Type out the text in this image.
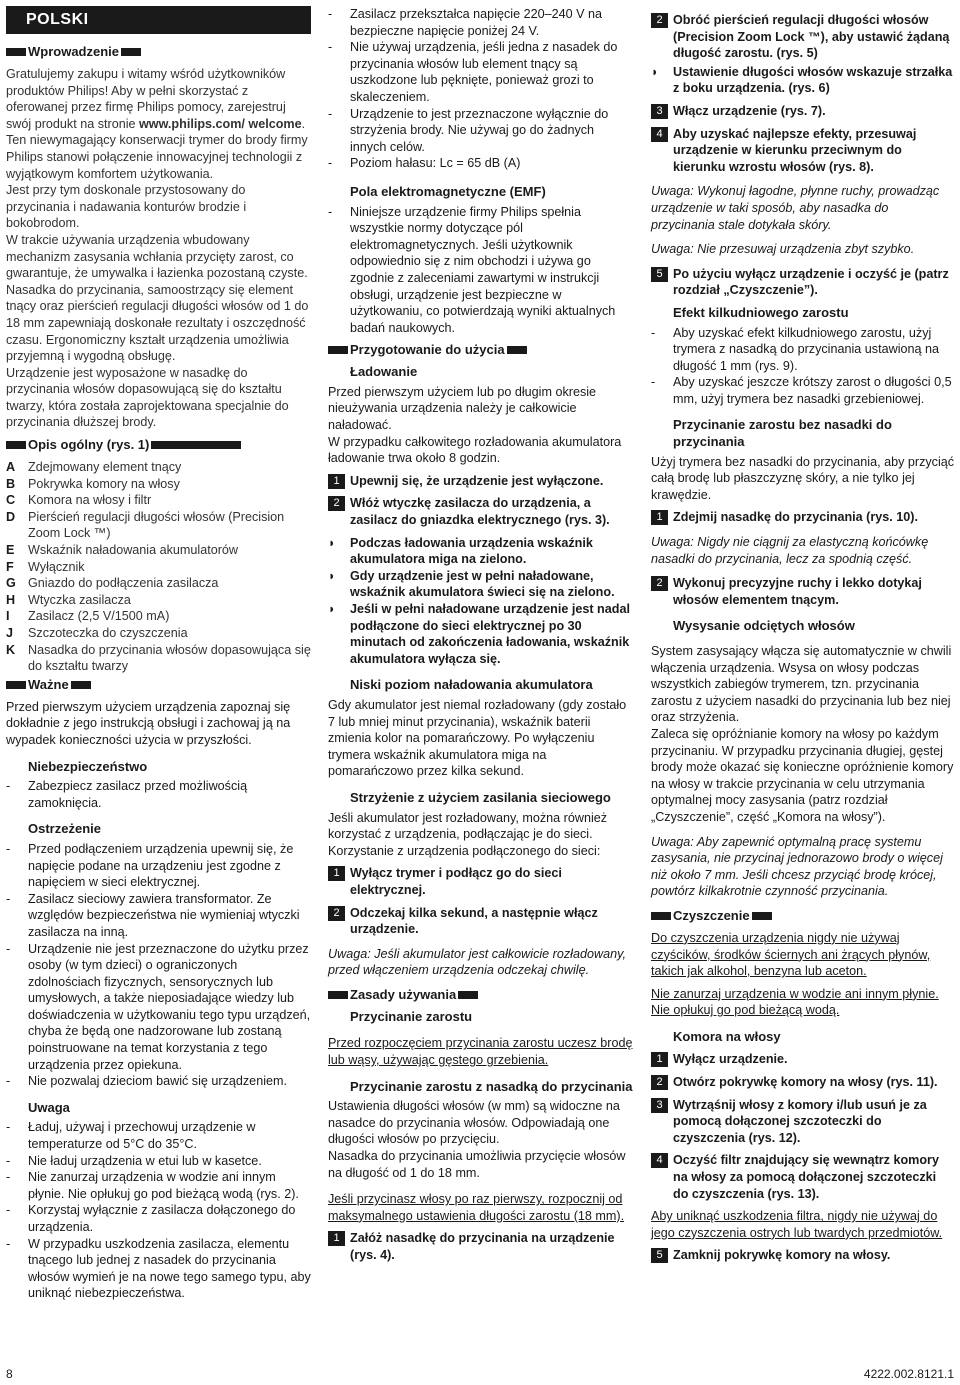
POLSKI
Wprowadzenie

Gratulujemy zakupu i witamy wśród użytkowników produktów Philips! Aby w pełni skorzystać z oferowanej przez firmę Philips pomocy, zarejestruj swój produkt na stronie www.philips.com/ welcome.

Ten niewymagający konserwacji trymer do brody firmy Philips stanowi połączenie innowacyjnej technologii z wyjątkowym komfortem użytkowania.

Jest przy tym doskonale przystosowany do przycinania i nadawania konturów brodzie i bokobrodom.

W trakcie używania urządzenia wbudowany mechanizm zasysania wchłania przycięty zarost, co gwarantuje, że umywalka i łazienka pozostaną czyste.

Nasadka do przycinania, samoostrzący się element tnący oraz pierścień regulacji długości włosów od 1 do 18 mm zapewniają doskonałe rezultaty i oszczędność czasu. Ergonomiczny kształt urządzenia umożliwia przyjemną i wygodną obsługę.

Urządzenie jest wyposażone w nasadkę do przycinania włosów dopasowującą się do kształtu twarzy, która została zaprojektowana specjalnie do przycinania dłuższej brody.

Opis ogólny (rys. 1)
A	Zdejmowany element tnący
B	Pokrywka komory na włosy
C	Komora na włosy i filtr
D	Pierścień regulacji długości włosów (Precision Zoom Lock ™)
E	Wskaźnik naładowania akumulatorów
F	Wyłącznik
G Gniazdo do podłączenia zasilacza
H	Wtyczka zasilacza
I	Zasilacz (2,5 V/1500 mA)
J	Szczoteczka do czyszczenia
K	Nasadka do przycinania włosów dopasowująca się do kształtu twarzy
Ważne

Przed pierwszym użyciem urządzenia zapoznaj się dokładnie z jego instrukcją obsługi i zachowaj ją na wypadek konieczności użycia w przyszłości.

Niebezpieczeństwo
-	Zabezpiecz zasilacz przed możliwością zamoknięcia.
Ostrzeżenie
-	Przed podłączeniem urządzenia upewnij się, że napięcie podane na urządzeniu jest zgodne z napięciem w sieci elektrycznej.
-	Zasilacz sieciowy zawiera transformator. Ze względów bezpieczeństwa nie wymieniaj wtyczki zasilacza na inną.
-	Urządzenie nie jest przeznaczone do użytku przez osoby (w tym dzieci) o ograniczonych zdolnościach fizycznych, sensorycznych lub umysłowych, a także nieposiadające wiedzy lub doświadczenia w użytkowaniu tego typu urządzeń, chyba że będą one nadzorowane lub zostaną poinstruowane na temat korzystania z tego urządzenia przez opiekuna.
-	Nie pozwalaj dzieciom bawić się urządzeniem.
Uwaga
-	Ładuj, używaj i przechowuj urządzenie w temperaturze od 5°C do 35°C.
-	Nie ładuj urządzenia w etui lub w kasetce.
-	Nie zanurzaj urządzenia w wodzie ani innym płynie. Nie opłukuj go pod bieżącą wodą (rys. 2).
-	Korzystaj wyłącznie z zasilacza dołączonego do urządzenia.
-	W przypadku uszkodzenia zasilacza, elementu tnącego lub jednej z nasadek do przycinania włosów wymień je na nowe tego samego typu, aby uniknąć niebezpieczeństwa.
-	Zasilacz przekształca napięcie 220–240 V na bezpieczne napięcie poniżej 24 V.
-	Nie używaj urządzenia, jeśli jedna z nasadek do przycinania włosów lub element tnący są uszkodzone lub pęknięte, ponieważ grozi to skaleczeniem.
-	Urządzenie to jest przeznaczone wyłącznie do strzyżenia brody. Nie używaj go do żadnych innych celów.
-	Poziom hałasu: Lc = 65 dB (A)
Pola elektromagnetyczne (EMF)
-	Niniejsze urządzenie firmy Philips spełnia wszystkie normy dotyczące pól elektromagnetycznych. Jeśli użytkownik odpowiednio się z nim obchodzi i używa go zgodnie z zaleceniami zawartymi w instrukcji obsługi, urządzenie jest bezpieczne w użytkowaniu, co potwierdzają wyniki aktualnych badań naukowych.
Przygotowanie do użycia
Ładowanie

Przed pierwszym użyciem lub po długim okresie nieużywania urządzenia należy je całkowicie naładować.

W przypadku całkowitego rozładowania akumulatora ładowanie trwa około 8 godzin.

1 Upewnij się, że urządzenie jest wyłączone.
2 Włóż wtyczkę zasilacza do urządzenia, a zasilacz do gniazdka elektrycznego (rys. 3).
◗	Podczas ładowania urządzenia wskaźnik akumulatora miga na zielono.
◗	Gdy urządzenie jest w pełni naładowane, wskaźnik akumulatora świeci się na zielono.
◗	Jeśli w pełni naładowane urządzenie jest nadal podłączone do sieci elektrycznej po 30 minutach od zakończenia ładowania, wskaźnik akumulatora wyłącza się.
Niski poziom naładowania akumulatora

Gdy akumulator jest niemal rozładowany (gdy zostało 7 lub mniej minut przycinania), wskaźnik baterii zmienia kolor na pomarańczowy. Po wyłączeniu trymera wskaźnik akumulatora miga na pomarańczowo przez kilka sekund.

Strzyżenie z użyciem zasilania sieciowego

Jeśli akumulator jest rozładowany, można również korzystać z urządzenia, podłączając je do sieci. Korzystanie z urządzenia podłączonego do sieci:

1 Wyłącz trymer i podłącz go do sieci elektrycznej.
2 Odczekaj kilka sekund, a następnie włącz urządzenie.

Uwaga: Jeśli akumulator jest całkowicie rozładowany, przed włączeniem urządzenia odczekaj chwilę.

Zasady używania
Przycinanie zarostu

Przed rozpoczęciem przycinania zarostu uczesz brodę lub wąsy, używając gęstego grzebienia.

Przycinanie zarostu z nasadką do przycinania

Ustawienia długości włosów (w mm) są widoczne na nasadce do przycinania włosów. Odpowiadają one długości włosów po przycięciu.

Nasadka do przycinania umożliwia przycięcie włosów na długość od 1 do 18 mm.

Jeśli przycinasz włosy po raz pierwszy, rozpocznij od maksymalnego ustawienia długości zarostu (18 mm).

1 Załóż nasadkę do przycinania na urządzenie (rys. 4).
2 Obróć pierścień regulacji długości włosów (Precision Zoom Lock ™), aby ustawić żądaną długość zarostu. (rys. 5)
◗	Ustawienie długości włosów wskazuje strzałka z boku urządzenia. (rys. 6)
3 Włącz urządzenie (rys. 7).
4 Aby uzyskać najlepsze efekty, przesuwaj urządzenie w kierunku przeciwnym do kierunku wzrostu włosów (rys. 8).

Uwaga: Wykonuj łagodne, płynne ruchy, prowadząc urządzenie w taki sposób, aby nasadka do przycinania stale dotykała skóry.

Uwaga: Nie przesuwaj urządzenia zbyt szybko.

5 Po użyciu wyłącz urządzenie i oczyść je (patrz rozdział „Czyszczenie”).
Efekt kilkudniowego zarostu
-	Aby uzyskać efekt kilkudniowego zarostu, użyj trymera z nasadką do przycinania ustawioną na długość 1 mm (rys. 9).
-	Aby uzyskać jeszcze krótszy zarost o długości 0,5 mm, użyj trymera bez nasadki grzebieniowej.
Przycinanie zarostu bez nasadki do przycinania

Użyj trymera bez nasadki do przycinania, aby przyciąć całą brodę lub płaszczyznę skóry, a nie tylko jej krawędzie.

1 Zdejmij nasadkę do przycinania (rys. 10).

Uwaga: Nigdy nie ciągnij za elastyczną końcówkę nasadki do przycinania, lecz za spodnią część.

2 Wykonuj precyzyjne ruchy i lekko dotykaj włosów elementem tnącym.
Wysysanie odciętych włosów

System zasysający włącza się automatycznie w chwili włączenia urządzenia. Wsysa on włosy podczas wszystkich zabiegów trymerem, tzn. przycinania zarostu z użyciem nasadki do przycinania lub bez niej oraz strzyżenia.

Zaleca się opróżnianie komory na włosy po każdym przycinaniu. W przypadku przycinania długiej, gęstej brody może okazać się konieczne opróżnienie komory na włosy w trakcie przycinania w celu utrzymania optymalnej mocy zasysania (patrz rozdział „Czyszczenie”, część „Komora na włosy”).

Uwaga: Aby zapewnić optymalną pracę systemu zasysania, nie przycinaj jednorazowo brody o więcej niż około 7 mm. Jeśli chcesz przyciąć brodę krócej, powtórz kilkakrotnie czynność przycinania.

Czyszczenie

Do czyszczenia urządzenia nigdy nie używaj czyścików, środków ściernych ani żrących płynów, takich jak alkohol, benzyna lub aceton.

Nie zanurzaj urządzenia w wodzie ani innym płynie. Nie opłukuj go pod bieżącą wodą.

Komora na włosy
1 Wyłącz urządzenie.
2 Otwórz pokrywkę komory na włosy (rys. 11).
3 Wytrząśnij włosy z komory i/lub usuń je za pomocą dołączonej szczoteczki do czyszczenia (rys. 12).
4 Oczyść filtr znajdujący się wewnątrz komory na włosy za pomocą dołączonej szczoteczki do czyszczenia (rys. 13).

Aby uniknąć uszkodzenia filtra, nigdy nie używaj do jego czyszczenia ostrych lub twardych przedmiotów.

5 Zamknij pokrywkę komory na włosy.
8	4222.002.8121.1
